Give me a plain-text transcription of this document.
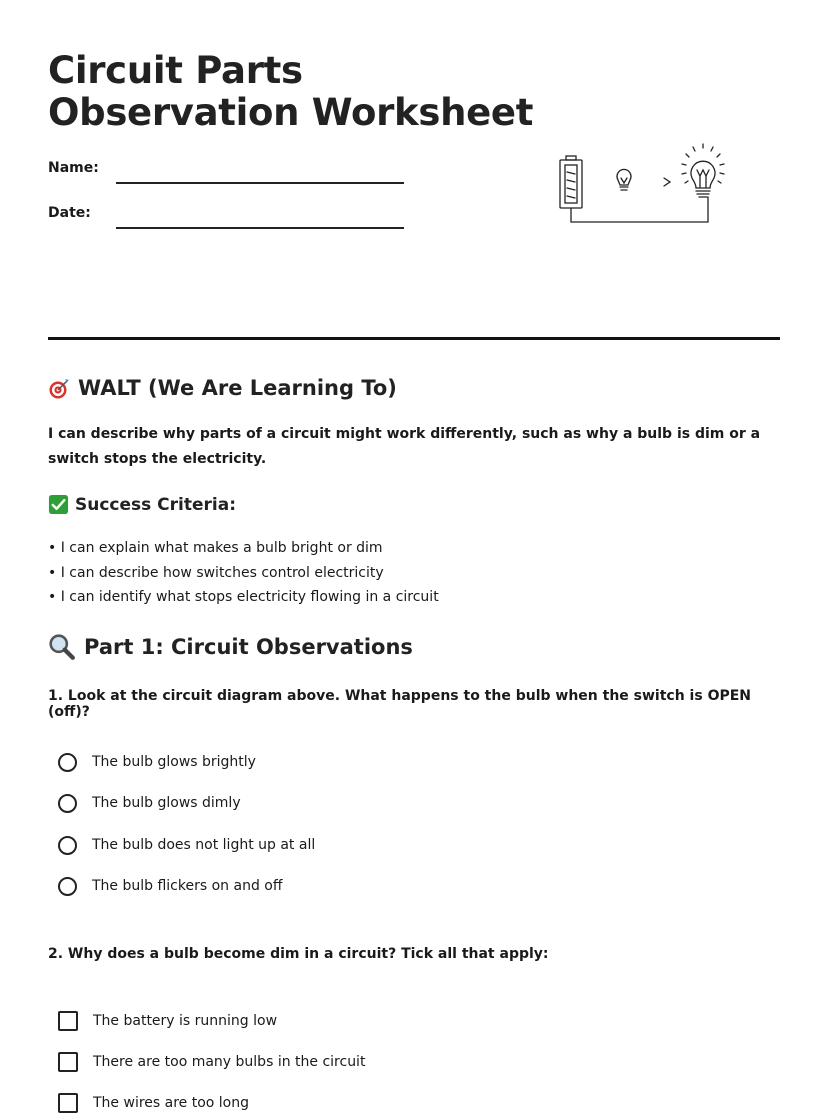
Circuit Parts
Observation Worksheet
Name:
Date:
WALT (We Are Learning To)

I can describe why parts of a circuit might work differently, such as why a bulb is dim or a switch stops the electricity.

Success Criteria:
• I can explain what makes a bulb bright or dim
• I can describe how switches control electricity
• I can identify what stops electricity flowing in a circuit
Part 1: Circuit Observations

1. Look at the circuit diagram above. What happens to the bulb when the switch is OPEN (off)?

The bulb glows brightly
The bulb glows dimly
The bulb does not light up at all
The bulb flickers on and off

2. Why does a bulb become dim in a circuit? Tick all that apply:

The battery is running low
There are too many bulbs in the circuit
The wires are too long
